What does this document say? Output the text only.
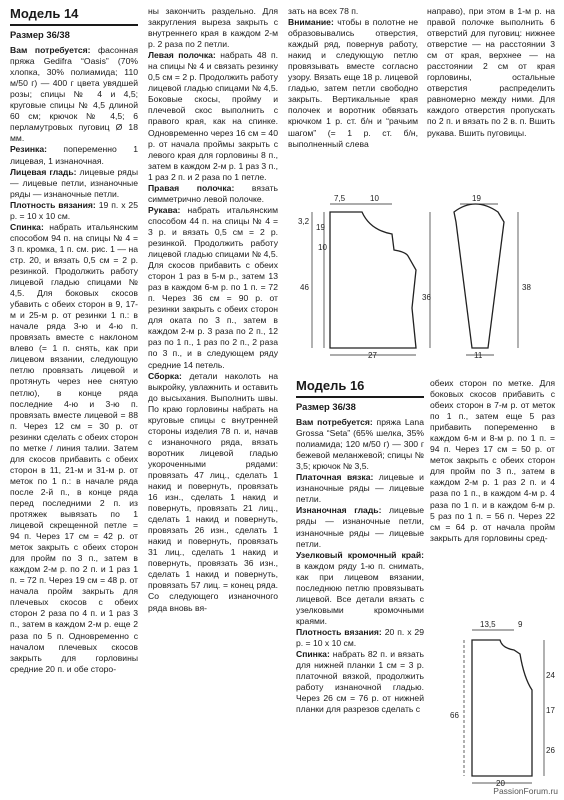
Модель 14
Размер 36/38

Вам потребуется: фасонная пряжа Gedifra “Oasis” (70% хлопка, 30% полиамида; 110 м/50 г) — 400 г цвета увядшей розы; спицы № 4 и 4,5; круговые спицы № 4,5 длиной 60 см; крючок № 4,5; 6 перламутровых пуговиц Ø 18 мм.

Резинка: попеременно 1 лицевая, 1 изнаночная.

Лицевая гладь: лицевые ряды — лицевые петли, изнаночные ряды — изнаночные петли.

Плотность вязания: 19 п. х 25 р. = 10 х 10 см.

Спинка: набрать итальянским способом 94 п. на спицы № 4 = 3 п. кромка, 1 п. см. рис. 1 — на стр. 20, и вязать 0,5 см = 2 р. резинкой. Продолжить работу лицевой гладью спицами № 4,5. Для боковых скосов убавить с обеих сторон в 9, 17-м и 25-м р. от резинки 1 п.: в начале ряда 3-ю и 4-ю п. провязать вместе с наклоном влево (= 1 п. снять, как при лицевом вязании, следующую петлю провязать лицевой и протянуть через нее снятую петлю), в конце ряда последние 4-ю и 3-ю п. провязать вместе лицевой = 88 п. Через 12 см = 30 р. от резинки сделать с обеих сторон по метке / линия талии. Затем для скосов прибавить с обеих сторон в 11, 21-м и 31-м р. от меток по 1 п.: в начале ряда после 2-й п., в конце ряда перед последними 2 п. из протяжек вывязать по 1 лицевой скрещенной петле = 94 п. Через 17 см = 42 р. от меток закрыть с обеих сторон для пройм по 3 п., затем в каждом 2-м р. по 2 п. и 1 раз 1 п. = 72 п. Через 19 см = 48 р. от начала пройм закрыть для плечевых скосов с обеих сторон 2 раза по 4 п. и 1 раз 3 п., затем в каждом 2-м р. еще 2 раза по 5 п. Одновременно с началом плечевых скосов закрыть для горловины средние 20 п. и обе сторо-

ны закончить раздельно. Для закругления выреза закрыть с внутреннего края в каждом 2-м р. 2 раза по 2 петли.

Левая полочка: набрать 48 п. на спицы № 4 и связать резинку 0,5 см = 2 р. Продолжить работу лицевой гладью спицами № 4,5. Боковые скосы, пройму и плечевой скос выполнить с правого края, как на спинке. Одновременно через 16 см = 40 р. от начала проймы закрыть с левого края для горловины 8 п., затем в каждом 2-м р. 1 раз 3 п., 1 раз 2 п. и 2 раза по 1 петле.

Правая полочка: вязать симметрично левой полочке.

Рукава: набрать итальянским способом 44 п. на спицы № 4 = 3 р. и вязать 0,5 см = 2 р. резинкой. Продолжить работу лицевой гладью спицами № 4,5. Для скосов прибавить с обеих сторон 1 раз в 5-м р., затем 13 раз в каждом 6-м р. по 1 п. = 72 п. Через 36 см = 90 р. от резинки закрыть с обеих сторон для оката по 3 п., затем в каждом 2-м р. 3 раза по 2 п., 12 раз по 1 п., 1 раз по 2 п., 2 раза по 3 п., и в следующем ряду средние 14 петель.

Сборка: детали наколоть на выкройку, увлажнить и оставить до высыхания. Выполнить швы. По краю горловины набрать на круговые спицы с внутренней стороны изделия 78 п. и, начав с изнаночного ряда, вязать воротник лицевой гладью укороченными рядами: провязать 47 лиц., сделать 1 накид и повернуть, провязать 16 изн., сделать 1 накид и повернуть, провязать 21 лиц., сделать 1 накид и повернуть, провязать 26 изн., сделать 1 накид и повернуть, провязать 31 лиц., сделать 1 накид и повернуть, провязать 36 изн., сделать 1 накид и повернуть, провязать 57 лиц. = конец ряда. Со следующего изнаночного ряда вновь вя-

зать на всех 78 п.

Внимание: чтобы в полотне не образовывались отверстия, каждый ряд, повернув работу, накид и следующую петлю провязывать вместе согласно узору. Вязать еще 18 р. лицевой гладью, затем петли свободно закрыть. Вертикальные края полочек и воротник обвязать крючком 1 р. ст. б/н и “рачьим шагом” (= 1 р. ст. б/н, выполненный слева

направо), при этом в 1-м р. на правой полочке выполнить 6 отверстий для пуговиц: нижнее отверстие — на расстоянии 3 см от края, верхнее — на расстоянии 2 см от края горловины, остальные отверстия распределить равномерно между ними. Для каждого отверстия пропускать по 2 п. и вязать по 2 в. п. Вшить рукава. Вшить пуговицы.

7,5	10
3,2
10
46
19
27
19
38
11
36
Модель 16
Размер 36/38

Вам потребуется: пряжа Lana Grossa “Seta” (65% шелка, 35% полиамида; 120 м/50 г) — 300 г бежевой меланжевой; спицы № 3,5; крючок № 3,5.

Платочная вязка: лицевые и изнаночные ряды — лицевые петли.

Изнаночная гладь: лицевые ряды — изнаночные петли, изнаночные ряды — лицевые петли.

Узелковый кромочный край: в каждом ряду 1-ю п. снимать, как при лицевом вязании, последнюю петлю провязывать лицевой. Все детали вязать с узелковыми кромочными краями.

Плотность вязания: 20 п. х 29 р. = 10 х 10 см.

Спинка: набрать 82 п. и вязать для нижней планки 1 см = 3 р. платочной вязкой, продолжить работу изнаночной гладью. Через 26 см = 76 р. от нижней планки для разрезов сделать с

обеих сторон по метке. Для боковых скосов прибавить с обеих сторон в 7-м р. от меток по 1 п., затем еще 5 раз прибавить попеременно в каждом 6-м и 8-м р. по 1 п. = 94 п. Через 17 см = 50 р. от меток закрыть с обеих сторон для пройм по 3 п., затем в каждом 2-м р. 1 раз 2 п. и 4 раза по 1 п., в каждом 4-м р. 4 раза по 1 п. и в каждом 6-м р. 5 раз по 1 п. = 56 п. Через 22 см = 64 р. от начала пройм закрыть для горловины сред-

13,5	9
24
17
66
26
20
PassionForum.ru
